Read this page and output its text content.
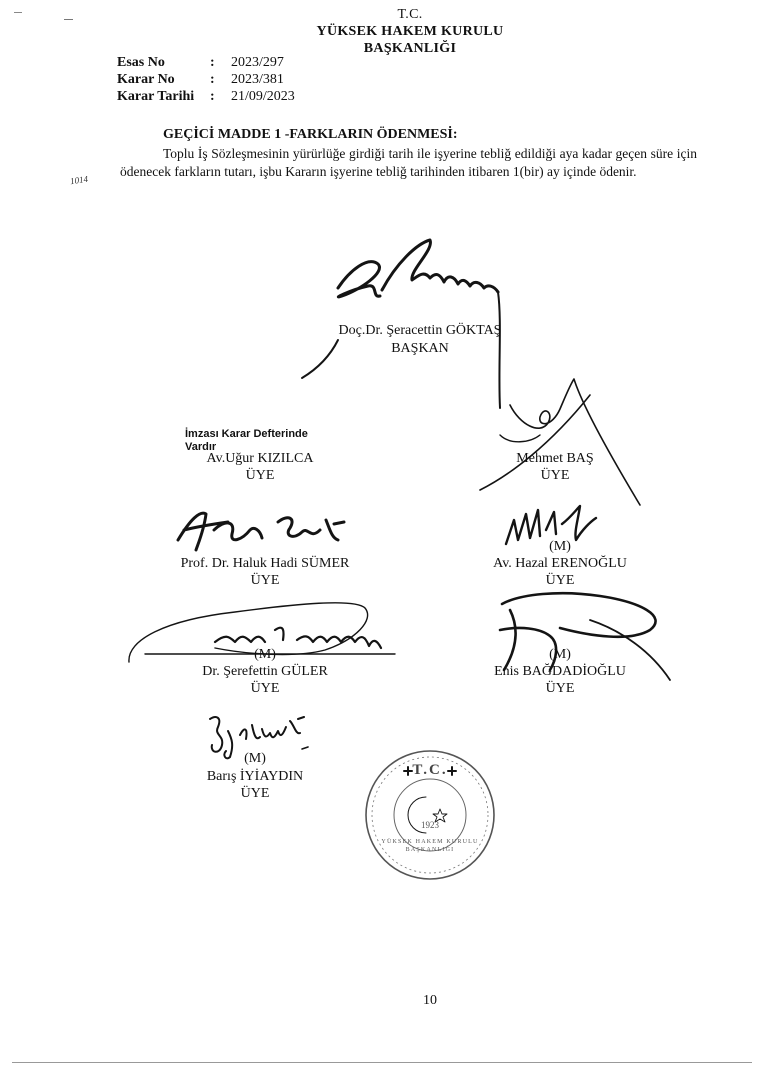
T.C.
YÜKSEK HAKEM KURULU
BAŞKANLIĞI
Esas No	: 2023/297
Karar No	: 2023/381
Karar Tarihi : 21/09/2023
GEÇİCİ MADDE 1 -FARKLARIN ÖDENMESİ:
Toplu İş Sözleşmesinin yürürlüğe girdiği tarih ile işyerine tebliğ edildiği aya kadar geçen süre için ödenecek farkların tutarı, işbu Kararın işyerine tebliğ tarihinden itibaren 1(bir) ay içinde ödenir.
1014
Doç.Dr. Şeracettin GÖKTAŞ
BAŞKAN
İmzası Karar Defterinde Vardır
Av.Uğur KIZILCA
ÜYE
Mehmet BAŞ
ÜYE
Prof. Dr. Haluk Hadi SÜMER
ÜYE
(M)
Av. Hazal ERENOĞLU
ÜYE
(M)
Dr. Şerefettin GÜLER
ÜYE
(M)
Enis BAĞDADİOĞLU
ÜYE
(M)
Barış İYİAYDIN
ÜYE
T.C.
1923
YÜKSEK HAKEM KURULU BAŞKANLIĞI
10
